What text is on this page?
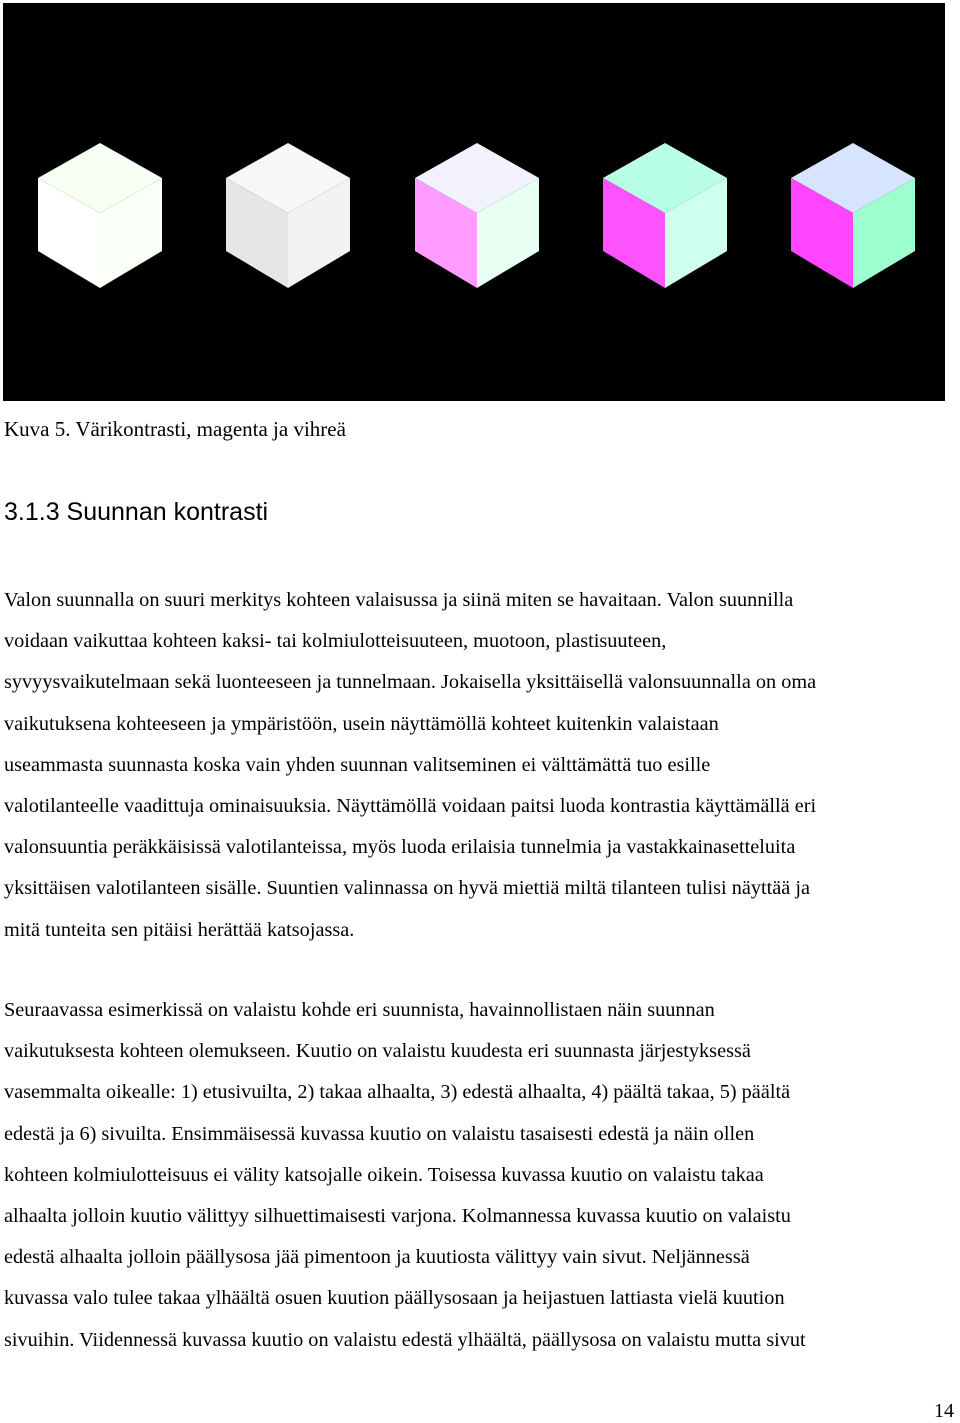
Kuva 5. Värikontrasti, magenta ja vihreä
3.1.3 Suunnan kontrasti

Valon suunnalla on suuri merkitys kohteen valaisussa ja siinä miten se havaitaan. Valon suunnilla
voidaan vaikuttaa kohteen kaksi- tai kolmiulotteisuuteen, muotoon, plastisuuteen,
syvyysvaikutelmaan sekä luonteeseen ja tunnelmaan. Jokaisella yksittäisellä valonsuunnalla on oma
vaikutuksena kohteeseen ja ympäristöön, usein näyttämöllä kohteet kuitenkin valaistaan
useammasta suunnasta koska vain yhden suunnan valitseminen ei välttämättä tuo esille
valotilanteelle vaadittuja ominaisuuksia. Näyttämöllä voidaan paitsi luoda kontrastia käyttämällä eri
valonsuuntia peräkkäisissä valotilanteissa, myös luoda erilaisia tunnelmia ja vastakkainasetteluita
yksittäisen valotilanteen sisälle. Suuntien valinnassa on hyvä miettiä miltä tilanteen tulisi näyttää ja
mitä tunteita sen pitäisi herättää katsojassa.

Seuraavassa esimerkissä on valaistu kohde eri suunnista, havainnollistaen näin suunnan
vaikutuksesta kohteen olemukseen. Kuutio on valaistu kuudesta eri suunnasta järjestyksessä
vasemmalta oikealle: 1) etusivuilta, 2) takaa alhaalta, 3) edestä alhaalta, 4) päältä takaa, 5) päältä
edestä ja 6) sivuilta. Ensimmäisessä kuvassa kuutio on valaistu tasaisesti edestä ja näin ollen
kohteen kolmiulotteisuus ei välity katsojalle oikein. Toisessa kuvassa kuutio on valaistu takaa
alhaalta jolloin kuutio välittyy silhuettimaisesti varjona. Kolmannessa kuvassa kuutio on valaistu
edestä alhaalta jolloin päällysosa jää pimentoon ja kuutiosta välittyy vain sivut. Neljännessä
kuvassa valo tulee takaa ylhäältä osuen kuution päällysosaan ja heijastuen lattiasta vielä kuution
sivuihin. Viidennessä kuvassa kuutio on valaistu edestä ylhäältä, päällysosa on valaistu mutta sivut

14
